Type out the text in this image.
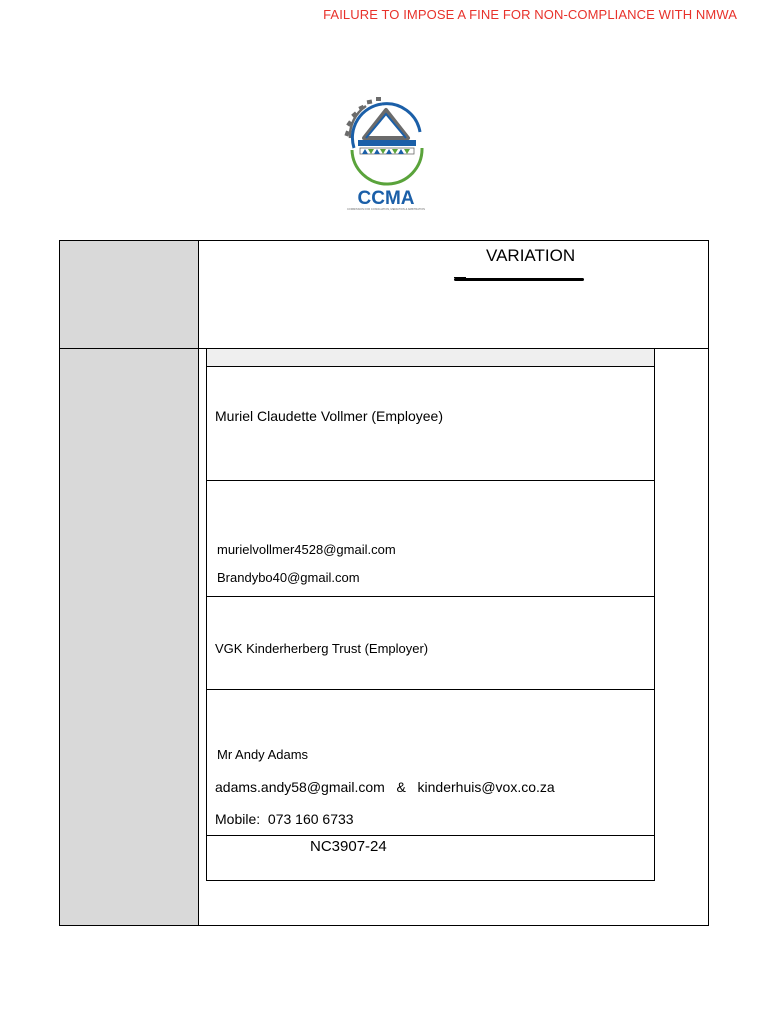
FAILURE TO IMPOSE A FINE FOR NON-COMPLIANCE WITH NMWA
CCMA
COMMISSION FOR CONCILIATION, MEDIATION & ARBITRATION
VARIATION
Muriel Claudette Vollmer (Employee)
murielvollmer4528@gmail.com
Brandybo40@gmail.com
VGK Kinderherberg Trust (Employer)
Mr Andy Adams
adams.andy58@gmail.com   &   kinderhuis@vox.co.za
Mobile:  073 160 6733
NC3907-24
